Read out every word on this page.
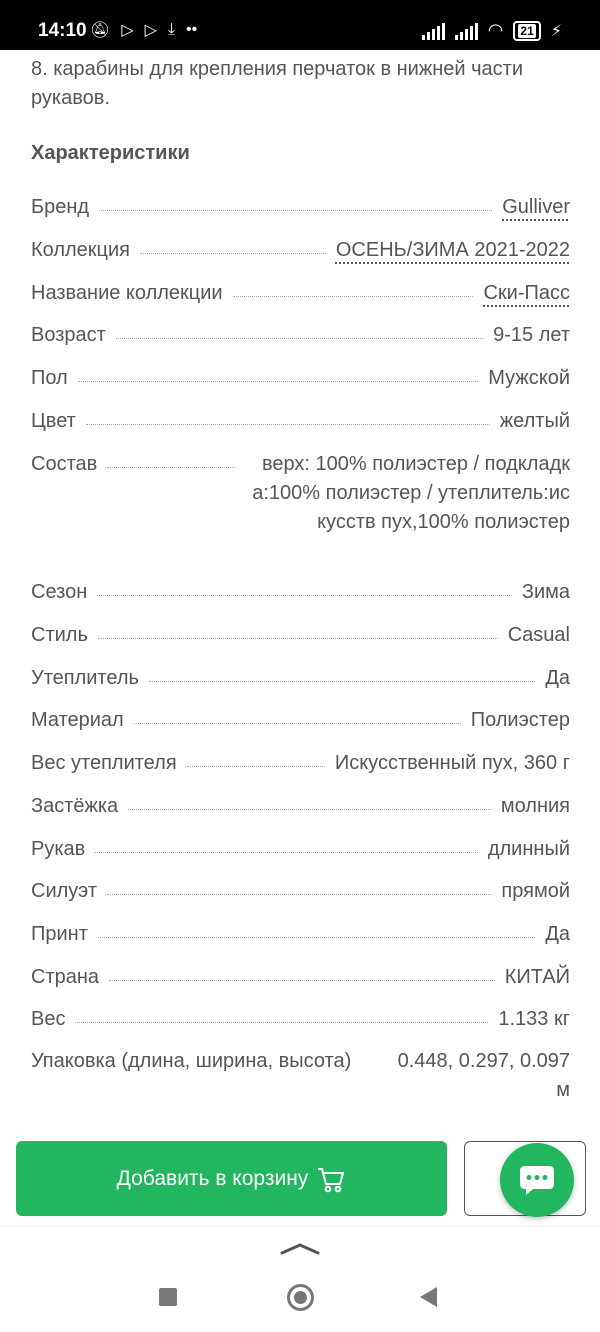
14:10 🔕︎ ▷ ▷ ⤓ ••	◠	21	⚡︎
8. карабины для крепления перчаток в нижней части рукавов.
Характеристики
Бренд	Gulliver
Коллекция	ОСЕНЬ/ЗИМА 2021-2022
Название коллекции	Ски-Пасс
Возраст	9-15 лет
Пол	Мужской
Цвет	желтый
Состав	верх: 100% полиэстер / подкладка:100% полиэстер / утеплитель:искусств пух,100% полиэстер
Сезон	Зима
Стиль	Casual
Утеплитель	Да
Материал	Полиэстер
Вес утеплителя	Искусственный пух, 360 г
Застёжка	молния
Рукав	длинный
Силуэт	прямой
Принт	Да
Страна	КИТАЙ
Вес	1.133 кг
Упаковка (длина, ширина, высота) 0.448, 0.297, 0.097 м
Добавить в корзину
